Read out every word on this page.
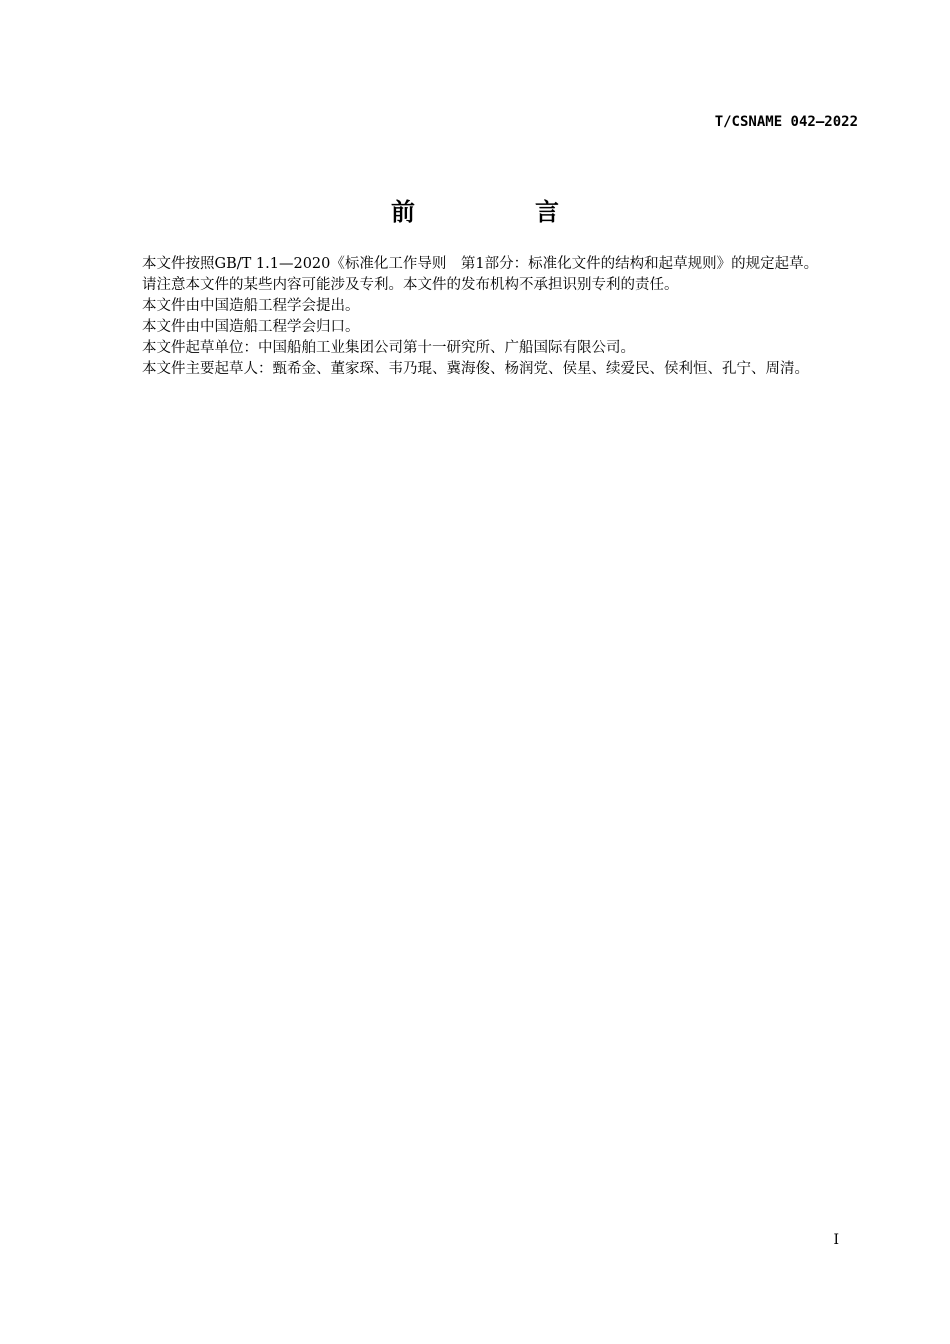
T/CSNAME 042—2022
前　言

本文件按照GB/T 1.1—2020《标准化工作导则　第1部分：标准化文件的结构和起草规则》的规定起草。

请注意本文件的某些内容可能涉及专利。本文件的发布机构不承担识别专利的责任。

本文件由中国造船工程学会提出。

本文件由中国造船工程学会归口。

本文件起草单位：中国船舶工业集团公司第十一研究所、广船国际有限公司。

本文件主要起草人：甄希金、董家琛、韦乃琨、冀海俊、杨润党、侯星、续爱民、侯利恒、孔宁、周清。

I
